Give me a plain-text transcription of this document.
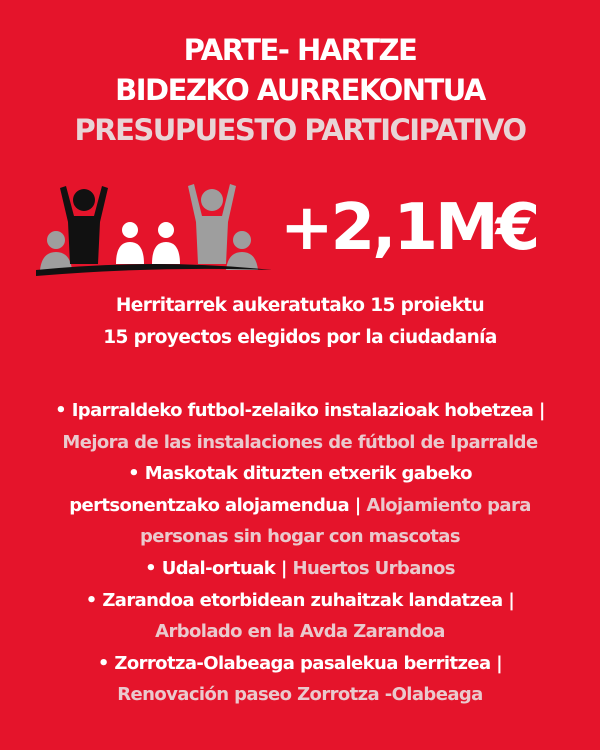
PARTE- HARTZE
BIDEZKO AURREKONTUA
PRESUPUESTO PARTICIPATIVO
+2,1M€
Herritarrek aukeratutako 15 proiektu
15 proyectos elegidos por la ciudadanía
• Iparraldeko futbol-zelaiko instalazioak hobetzea |
Mejora de las instalaciones de fútbol de Iparralde
• Maskotak dituzten etxerik gabeko
pertsonentzako alojamendua | Alojamiento para
personas sin hogar con mascotas
• Udal-ortuak | Huertos Urbanos
• Zarandoa etorbidean zuhaitzak landatzea |
Arbolado en la Avda Zarandoa
• Zorrotza-Olabeaga pasalekua berritzea |
Renovación paseo Zorrotza -Olabeaga
